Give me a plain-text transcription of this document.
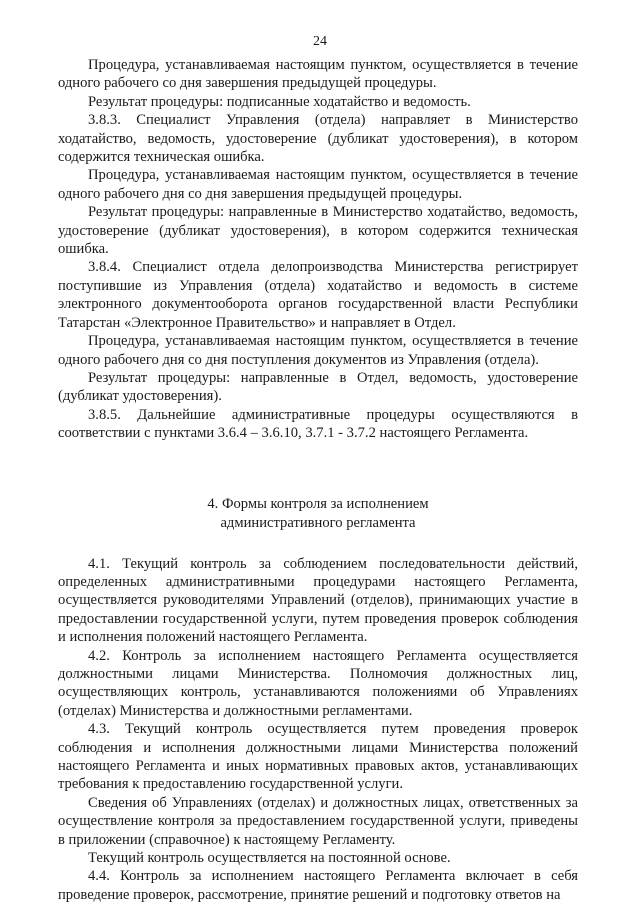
24

Процедура, устанавливаемая настоящим пунктом, осуществляется в течение одного рабочего со дня завершения предыдущей процедуры.

Результат процедуры: подписанные ходатайство и ведомость.

3.8.3. Специалист Управления (отдела) направляет в Министерство ходатайство, ведомость, удостоверение (дубликат удостоверения), в котором содержится техническая ошибка.

Процедура, устанавливаемая настоящим пунктом, осуществляется в течение одного рабочего дня со дня завершения предыдущей процедуры.

Результат процедуры: направленные в Министерство ходатайство, ведомость, удостоверение (дубликат удостоверения), в котором содержится техническая ошибка.

3.8.4. Специалист отдела делопроизводства Министерства регистрирует поступившие из Управления (отдела) ходатайство и ведомость в системе электронного документооборота органов государственной власти Республики Татарстан «Электронное Правительство» и направляет в Отдел.

Процедура, устанавливаемая настоящим пунктом, осуществляется в течение одного рабочего дня со дня поступления документов из Управления (отдела).

Результат процедуры: направленные в Отдел, ведомость, удостоверение (дубликат удостоверения).

3.8.5. Дальнейшие административные процедуры осуществляются в соответствии с пунктами 3.6.4 – 3.6.10, 3.7.1 - 3.7.2 настоящего Регламента.

4. Формы контроля за исполнением
административного регламента

4.1. Текущий контроль за соблюдением последовательности действий, определенных административными процедурами настоящего Регламента, осуществляется руководителями Управлений (отделов), принимающих участие в предоставлении государственной услуги, путем проведения проверок соблюдения и исполнения положений настоящего Регламента.

4.2. Контроль за исполнением настоящего Регламента осуществляется должностными лицами Министерства. Полномочия должностных лиц, осуществляющих контроль, устанавливаются положениями об Управлениях (отделах) Министерства и должностными регламентами.

4.3. Текущий контроль осуществляется путем проведения проверок соблюдения и исполнения должностными лицами Министерства положений настоящего Регламента и иных нормативных правовых актов, устанавливающих требования к предоставлению государственной услуги.

Сведения об Управлениях (отделах) и должностных лицах, ответственных за осуществление контроля за предоставлением государственной услуги, приведены в приложении (справочное) к настоящему Регламенту.

Текущий контроль осуществляется на постоянной основе.

4.4. Контроль за исполнением настоящего Регламента включает в себя проведение проверок, рассмотрение, принятие решений и подготовку ответов на
